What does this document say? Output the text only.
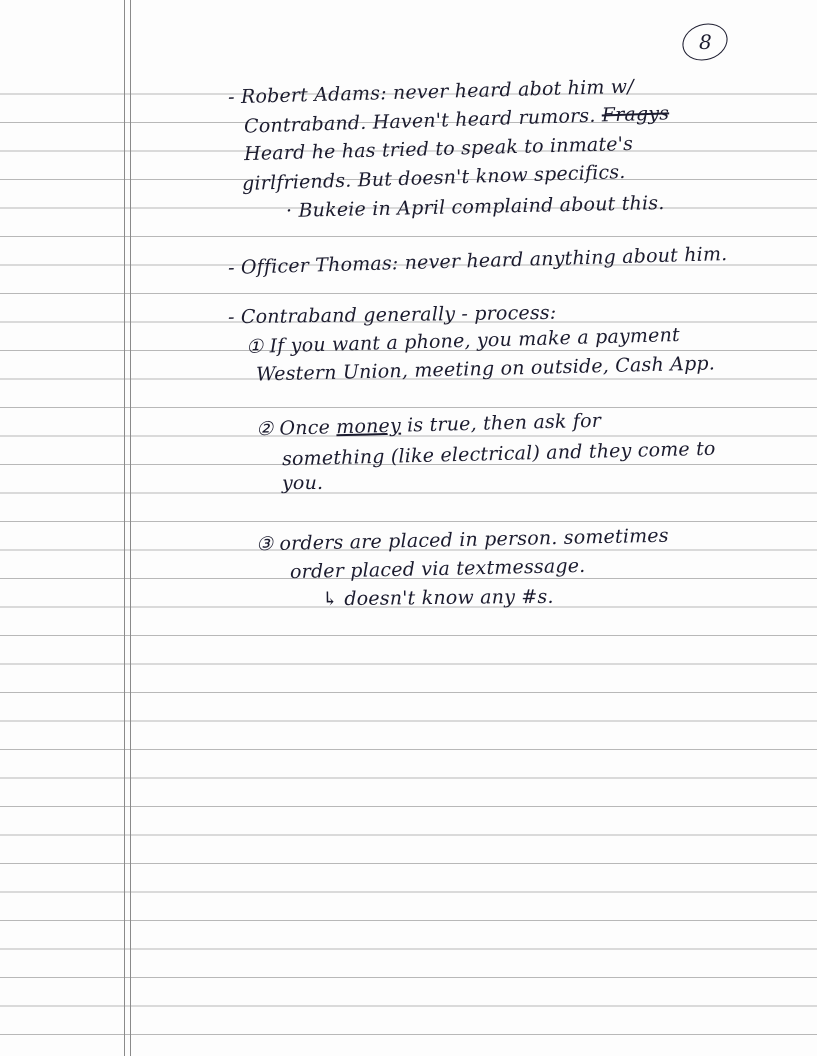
8
- Robert Adams: never heard abot him w/
Contraband. Haven't heard rumors. Fragys
Heard he has tried to speak to inmate's
girlfriends. But doesn't know specifics.
· Bukeie in April complaind about this.
- Officer Thomas: never heard anything about him.
- Contraband generally - process:
① If you want a phone, you make a payment
Western Union, meeting on outside, Cash App.
② Once money is true, then ask for
something (like electrical) and they come to
you.
③ orders are placed in person. sometimes
order placed via textmessage.
↳ doesn't know any #s.
